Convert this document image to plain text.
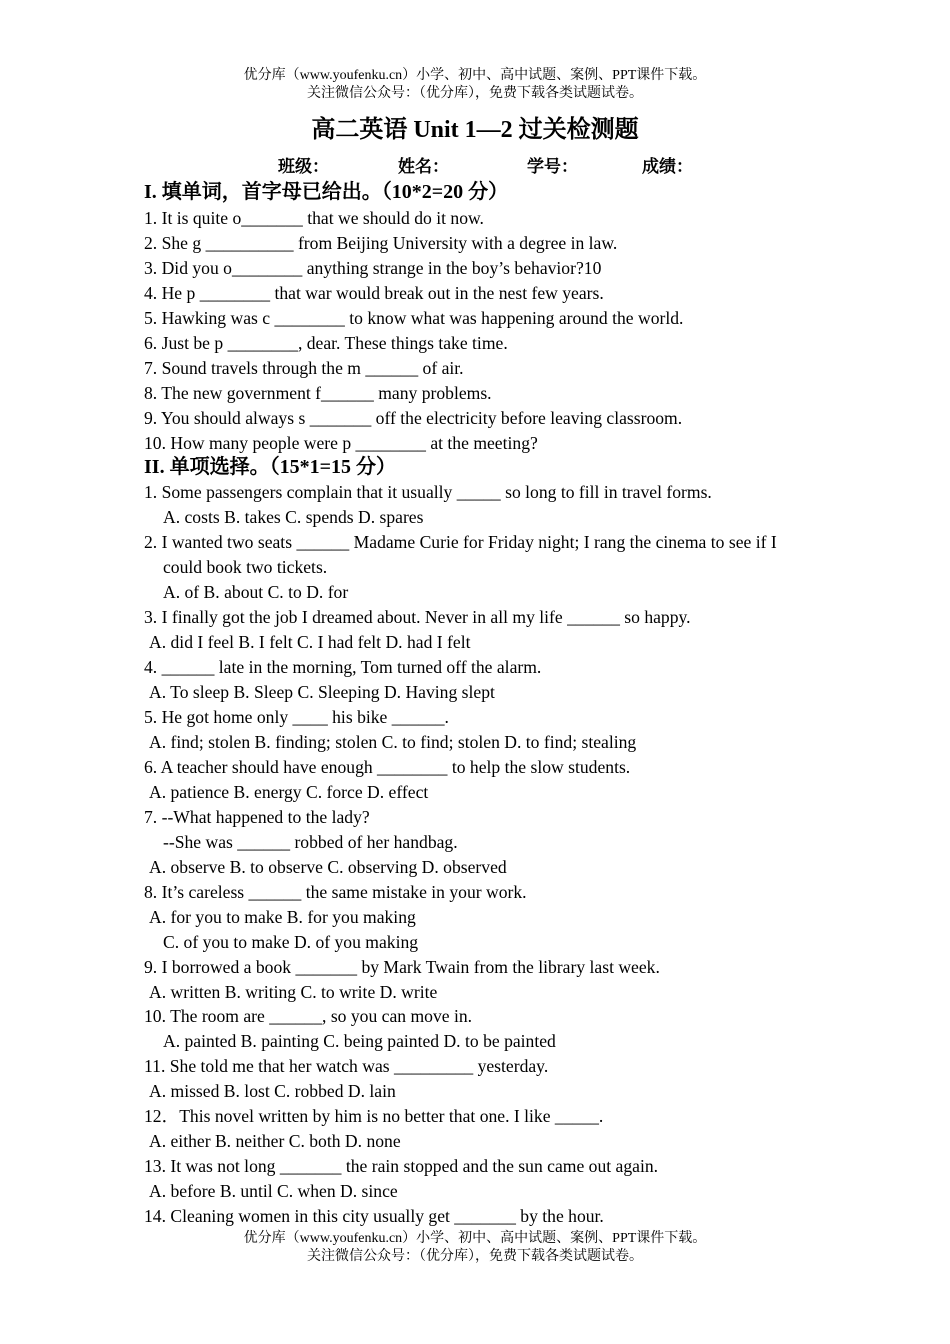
优分库（www.youfenku.cn）小学、初中、高中试题、案例、PPT课件下载。
关注微信公众号：（优分库），免费下载各类试题试卷。
高二英语 Unit 1—2 过关检测题
班级：	姓名：	学号：	成绩：
I. 填单词，首字母已给出。（10*2=20 分）
1. It is quite o_______ that we should do it now.
2. She g __________ from Beijing University with a degree in law.
3. Did you o________ anything strange in the boy’s behavior?10
4. He p ________ that war would break out in the nest few years.
5. Hawking was c ________ to know what was happening around the world.
6. Just be p ________, dear. These things take time.
7. Sound travels through the m ______ of air.
8. The new government f______ many problems.
9. You should always s _______ off the electricity before leaving classroom.
10. How many people were p ________ at the meeting?
II. 单项选择。（15*1=15 分）
1. Some passengers complain that it usually _____ so long to fill in travel forms.
A. costs B. takes C. spends D. spares
2. I wanted two seats ______ Madame Curie for Friday night; I rang the cinema to see if I
could book two tickets.
A. of B. about C. to D. for
3. I finally got the job I dreamed about. Never in all my life ______ so happy.
A. did I feel B. I felt C. I had felt D. had I felt
4. ______ late in the morning, Tom turned off the alarm.
A. To sleep B. Sleep C. Sleeping D. Having slept
5. He got home only ____ his bike ______.
A. find; stolen B. finding; stolen C. to find; stolen D. to find; stealing
6. A teacher should have enough ________ to help the slow students.
A. patience B. energy C. force D. effect
7. --What happened to the lady?
--She was ______ robbed of her handbag.
A. observe B. to observe C. observing D. observed
8. It’s careless ______ the same mistake in your work.
A. for you to make B. for you making
C. of you to make D. of you making
9. I borrowed a book _______ by Mark Twain from the library last week.
A. written B. writing C. to write D. write
10. The room are ______, so you can move in.
A. painted B. painting C. being painted D. to be painted
11. She told me that her watch was _________ yesterday.
A. missed B. lost C. robbed D. lain
12．This novel written by him is no better that one. I like _____.
A. either B. neither C. both D. none
13. It was not long _______ the rain stopped and the sun came out again.
A. before B. until C. when D. since
14. Cleaning women in this city usually get _______ by the hour.
优分库（www.youfenku.cn）小学、初中、高中试题、案例、PPT课件下载。
关注微信公众号：（优分库），免费下载各类试题试卷。
